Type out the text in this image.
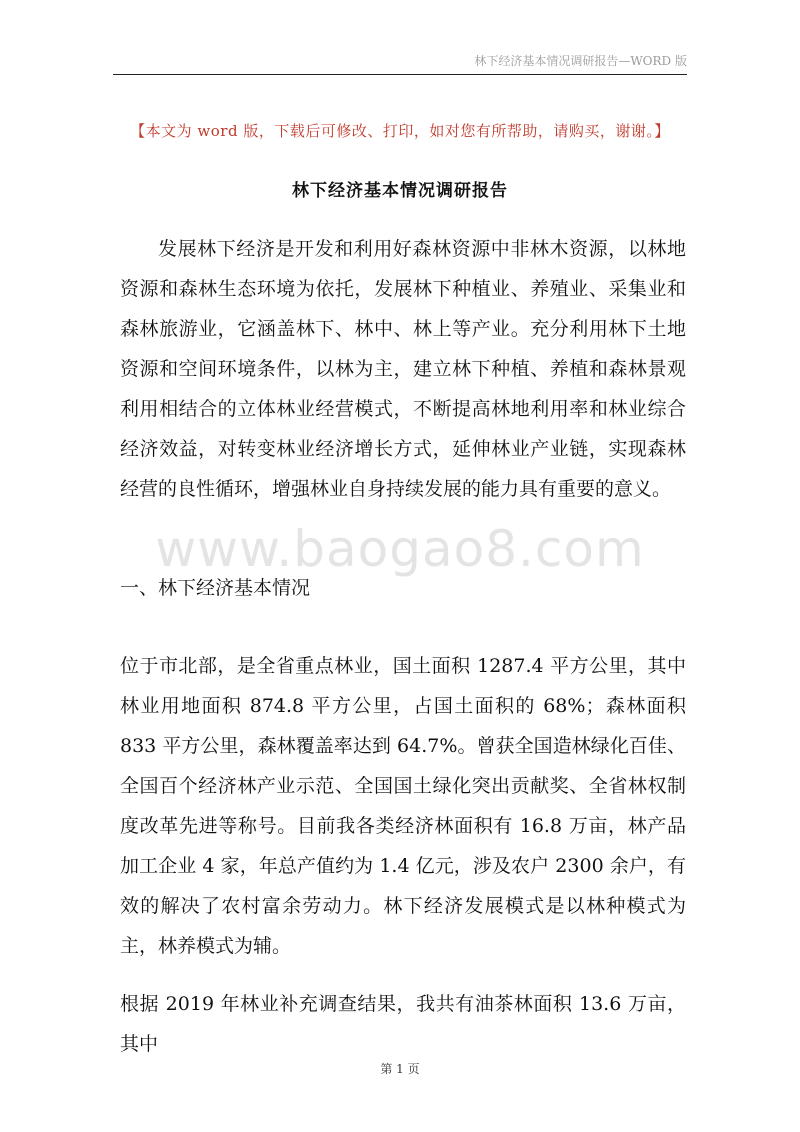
林下经济基本情况调研报告—WORD 版
【本文为 word 版，下载后可修改、打印，如对您有所帮助，请购买，谢谢。】
林下经济基本情况调研报告

发展林下经济是开发和利用好森林资源中非林木资源，以林地资源和森林生态环境为依托，发展林下种植业、养殖业、采集业和森林旅游业，它涵盖林下、林中、林上等产业。充分利用林下土地资源和空间环境条件，以林为主，建立林下种植、养植和森林景观利用相结合的立体林业经营模式，不断提高林地利用率和林业综合经济效益，对转变林业经济增长方式，延伸林业产业链，实现森林经营的良性循环，增强林业自身持续发展的能力具有重要的意义。

www.baogao8.com
一、林下经济基本情况

位于市北部，是全省重点林业，国土面积 1287.4 平方公里，其中林业用地面积 874.8 平方公里，占国土面积的 68%；森林面积 833 平方公里，森林覆盖率达到 64.7%。曾获全国造林绿化百佳、全国百个经济林产业示范、全国国土绿化突出贡献奖、全省林权制度改革先进等称号。目前我各类经济林面积有 16.8 万亩，林产品加工企业 4 家，年总产值约为 1.4 亿元，涉及农户 2300 余户，有效的解决了农村富余劳动力。林下经济发展模式是以林种模式为主，林养模式为辅。

根据 2019 年林业补充调查结果，我共有油茶林面积 13.6 万亩，其中

第 1 页
